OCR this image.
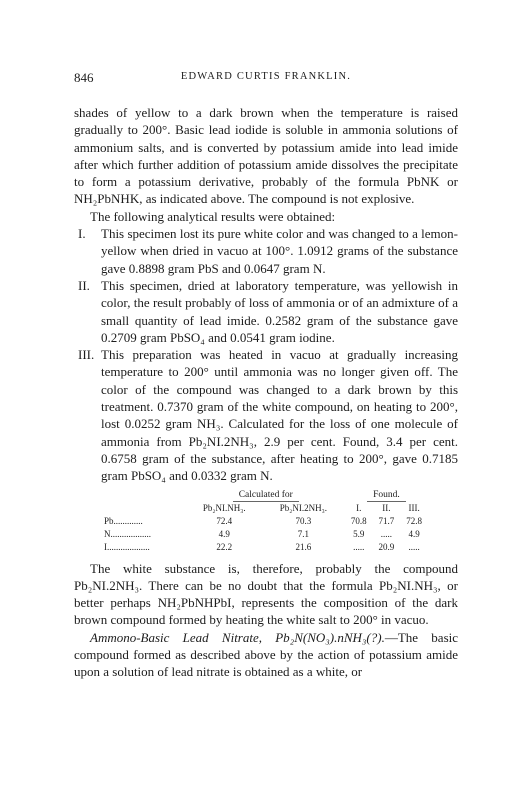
846	EDWARD CURTIS FRANKLIN.

shades of yellow to a dark brown when the temperature is raised gradually to 200°. Basic lead iodide is soluble in ammonia solutions of ammonium salts, and is converted by potassium amide into lead imide after which further addition of potassium amide dissolves the precipitate to form a potassium derivative, probably of the formula PbNK or NH₂PbNHK, as indicated above. The compound is not explosive.

The following analytical results were obtained:

I.	This specimen lost its pure white color and was changed to a lemon-yellow when dried in vacuo at 100°. 1.0912 grams of the substance gave 0.8898 gram PbS and 0.0647 gram N.
II. This specimen, dried at laboratory temperature, was yellowish in color, the result probably of loss of ammonia or of an admixture of a small quantity of lead imide. 0.2582 gram of the substance gave 0.2709 gram PbSO₄ and 0.0541 gram iodine.
III. This preparation was heated in vacuo at gradually increasing temperature to 200° until ammonia was no longer given off. The color of the compound was changed to a dark brown by this treatment. 0.7370 gram of the white compound, on heating to 200°, lost 0.0252 gram NH₃. Calculated for the loss of one molecule of ammonia from Pb₂NI.2NH₃, 2.9 per cent. Found, 3.4 per cent. 0.6758 gram of the substance, after heating to 200°, gave 0.7185 gram PbSO₄ and 0.0332 gram N.
	Calculated for		Found.		
	Pb₂NI.NH₃.	Pb₂NI.2NH₃.	I.	II.	III.
Pb.............	72.4	70.3	70.8	71.7	72.8
N..................	4.9	7.1	5.9	.....	4.9
I...................	22.2	21.6	.....	20.9	.....

The white substance is, therefore, probably the compound Pb₂NI.2NH₃. There can be no doubt that the formula Pb₂NI.NH₃, or better perhaps NH₂PbNHPbI, represents the composition of the dark brown compound formed by heating the white salt to 200° in vacuo.

Ammono-Basic Lead Nitrate, Pb₂N(NO₃).nNH₃(?).—The basic compound formed as described above by the action of potassium amide upon a solution of lead nitrate is obtained as a white, or
